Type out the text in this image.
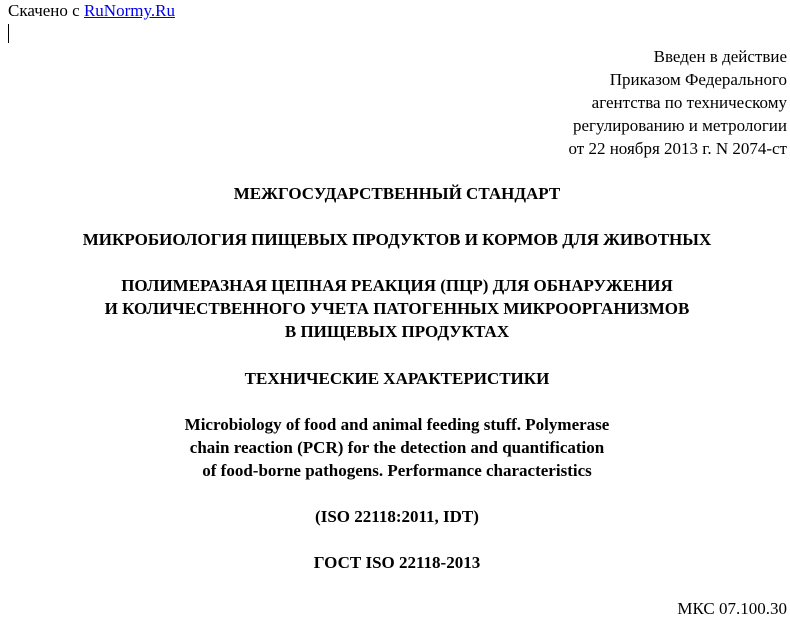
Скачено с RuNormy.Ru
Введен в действие
Приказом Федерального
агентства по техническому
регулированию и метрологии
от 22 ноября 2013 г. N 2074-ст
МЕЖГОСУДАРСТВЕННЫЙ СТАНДАРТ
МИКРОБИОЛОГИЯ ПИЩЕВЫХ ПРОДУКТОВ И КОРМОВ ДЛЯ ЖИВОТНЫХ
ПОЛИМЕРАЗНАЯ ЦЕПНАЯ РЕАКЦИЯ (ПЦР) ДЛЯ ОБНАРУЖЕНИЯ
И КОЛИЧЕСТВЕННОГО УЧЕТА ПАТОГЕННЫХ МИКРООРГАНИЗМОВ
В ПИЩЕВЫХ ПРОДУКТАХ
ТЕХНИЧЕСКИЕ ХАРАКТЕРИСТИКИ
Microbiology of food and animal feeding stuff. Polymerase
chain reaction (PCR) for the detection and quantification
of food-borne pathogens. Performance characteristics
(ISO 22118:2011, IDT)
ГОСТ ISO 22118-2013
МКС 07.100.30
